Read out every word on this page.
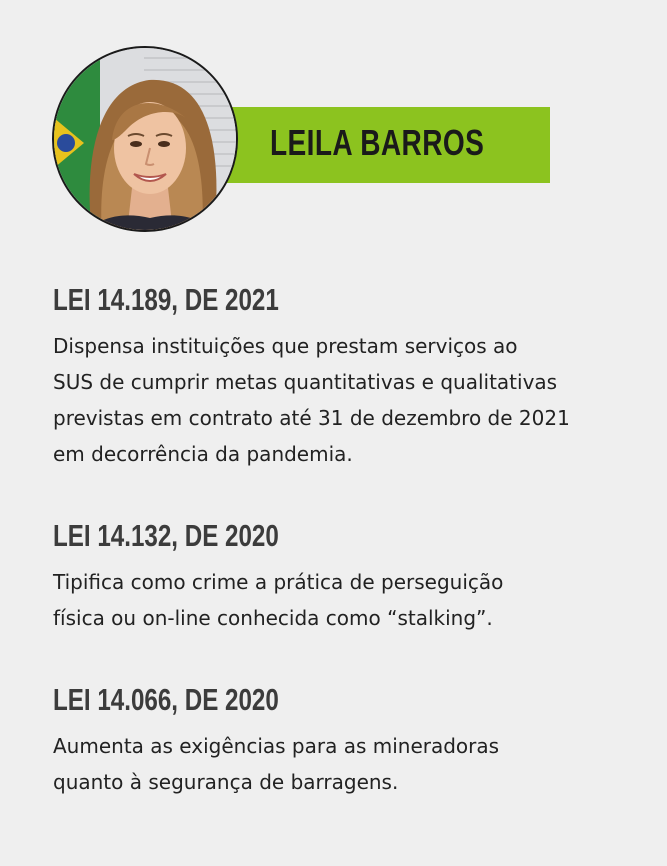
LEILA BARROS
LEI 14.189, DE 2021

Dispensa instituições que prestam serviços ao
SUS de cumprir metas quantitativas e qualitativas
previstas em contrato até 31 de dezembro de 2021
em decorrência da pandemia.

LEI 14.132, DE 2020

Tipifica como crime a prática de perseguição
física ou on-line conhecida como “stalking”.

LEI 14.066, DE 2020

Aumenta as exigências para as mineradoras
quanto à segurança de barragens.
